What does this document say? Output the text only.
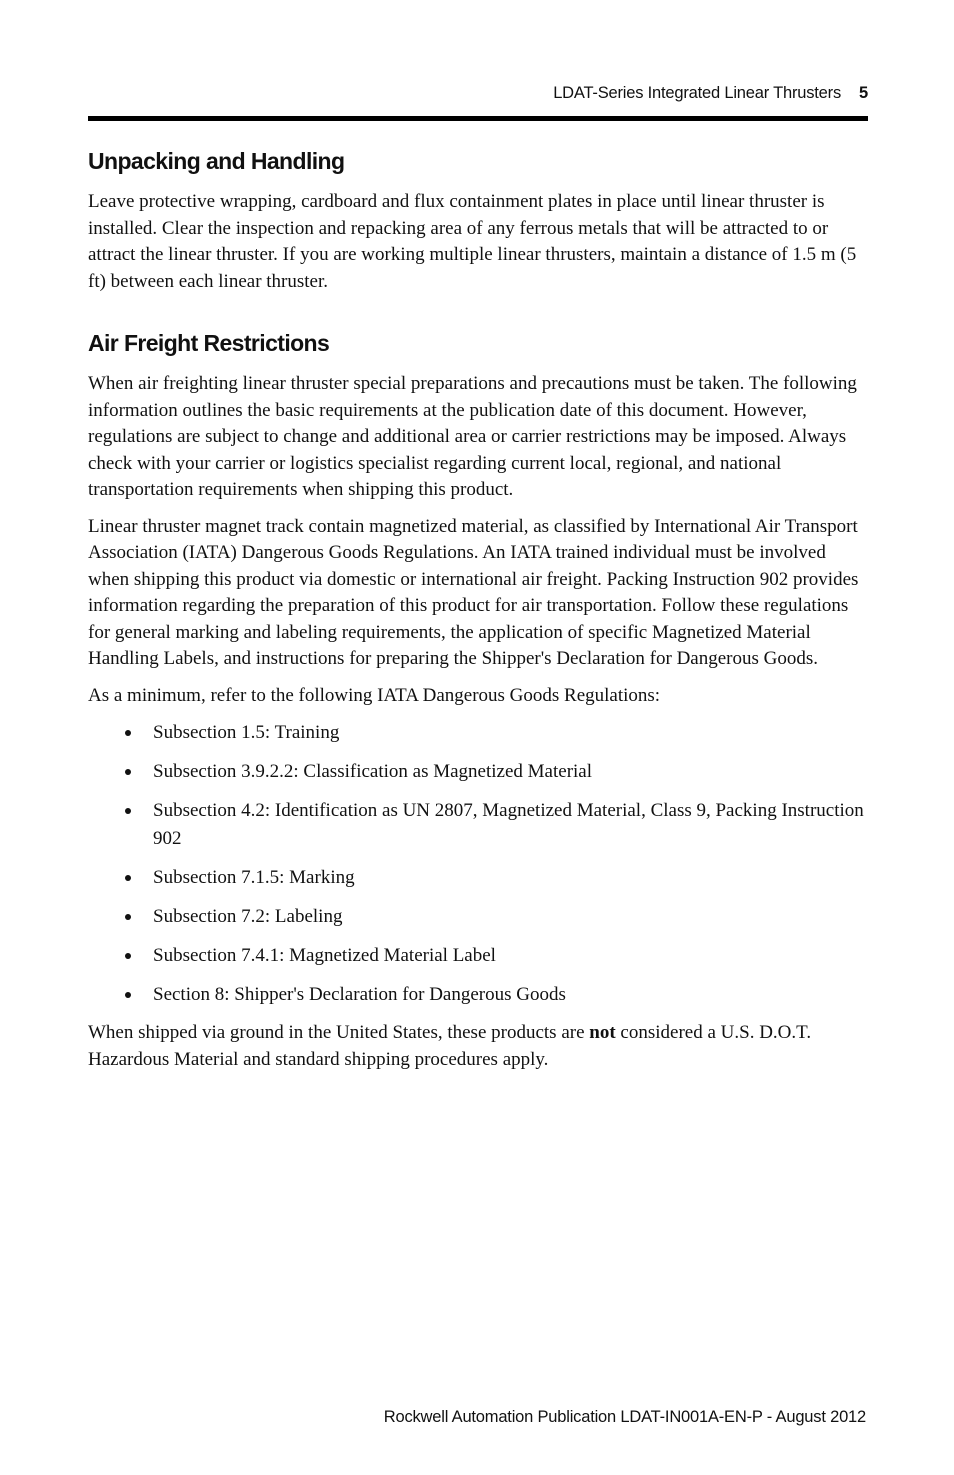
LDAT-Series Integrated Linear Thrusters 5
Unpacking and Handling

Leave protective wrapping, cardboard and flux containment plates in place until linear thruster is installed. Clear the inspection and repacking area of any ferrous metals that will be attracted to or attract the linear thruster. If you are working multiple linear thrusters, maintain a distance of 1.5 m (5 ft) between each linear thruster.

Air Freight Restrictions

When air freighting linear thruster special preparations and precautions must be taken. The following information outlines the basic requirements at the publication date of this document. However, regulations are subject to change and additional area or carrier restrictions may be imposed. Always check with your carrier or logistics specialist regarding current local, regional, and national transportation requirements when shipping this product.

Linear thruster magnet track contain magnetized material, as classified by International Air Transport Association (IATA) Dangerous Goods Regulations. An IATA trained individual must be involved when shipping this product via domestic or international air freight. Packing Instruction 902 provides information regarding the preparation of this product for air transportation. Follow these regulations for general marking and labeling requirements, the application of specific Magnetized Material Handling Labels, and instructions for preparing the Shipper's Declaration for Dangerous Goods.

As a minimum, refer to the following IATA Dangerous Goods Regulations:

Subsection 1.5: Training
Subsection 3.9.2.2: Classification as Magnetized Material
Subsection 4.2: Identification as UN 2807, Magnetized Material, Class 9, Packing Instruction 902
Subsection 7.1.5: Marking
Subsection 7.2: Labeling
Subsection 7.4.1: Magnetized Material Label
Section 8: Shipper's Declaration for Dangerous Goods

When shipped via ground in the United States, these products are not considered a U.S. D.O.T. Hazardous Material and standard shipping procedures apply.

Rockwell Automation Publication LDAT-IN001A-EN-P - August 2012
